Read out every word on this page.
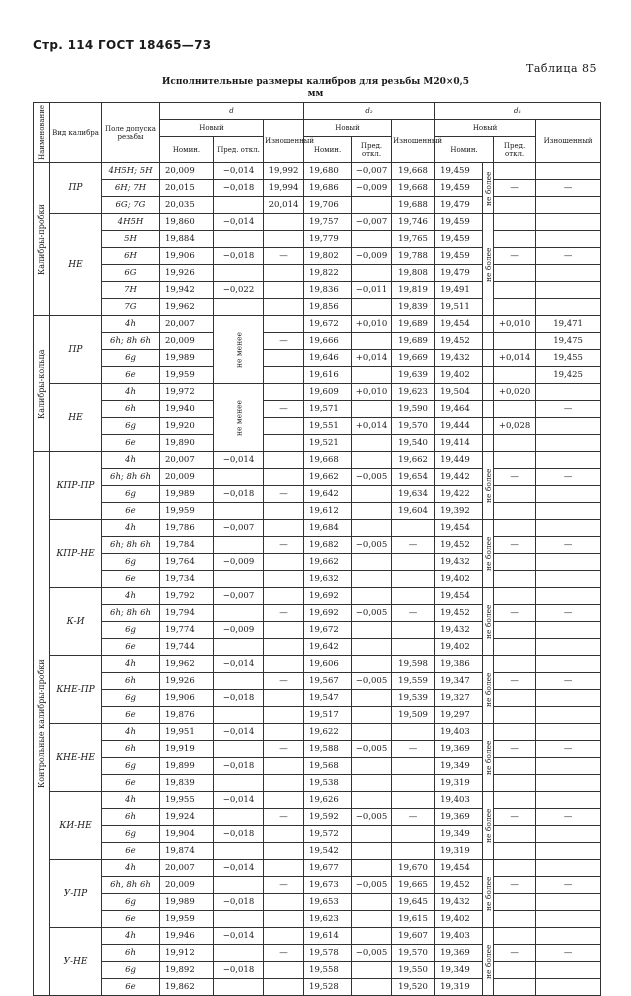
Стр. 114 ГОСТ 18465—73
Таблица 85
Исполнительные размеры калибров для резьбы М20×0,5
мм
Наименование	Вид калибра	Поле допуска резьбы	d			d₂			d₁			
			Новый		Изношенный	Новый		Изношенный	Новый			Изношенный
			Номин.	Пред. откл.		Номин.	Пред. откл.		Номин.		Пред. откл.	
Калибры-пробки	ПР	4H5H; 5H	20,009	−0,014	19,992	19,680	−0,007	19,668	19,459	не более		
		6H; 7H	20,015	−0,018	19,994	19,686	−0,009	19,668	19,459		—	—
		6G; 7G	20,035		20,014	19,706		19,688	19,479			
	НЕ	4H5H	19,860	−0,014		19,757	−0,007	19,746	19,459	не более		
		5H	19,884			19,779		19,765	19,459			
		6H	19,906	−0,018	—	19,802	−0,009	19,788	19,459		—	—
		6G	19,926			19,822		19,808	19,479			
		7H	19,942	−0,022		19,836	−0,011	19,819	19,491			
		7G	19,962			19,856		19,839	19,511			
Калибры-кольца	ПР	4h	20,007	не менее		19,672	+0,010	19,689	19,454		+0,010	19,471
		6h; 8h 6h	20,009		—	19,666		19,689	19,452			19,475
		6g	19,989			19,646	+0,014	19,669	19,432		+0,014	19,455
		6e	19,959			19,616		19,639	19,402			19,425
	НЕ	4h	19,972	не менее		19,609	+0,010	19,623	19,504		+0,020	
		6h	19,940		—	19,571		19,590	19,464			—
		6g	19,920			19,551	+0,014	19,570	19,444		+0,028	
		6e	19,890			19,521		19,540	19,414			
Контрольные калибры-пробки	КПР-ПР	4h	20,007	−0,014		19,668		19,662	19,449	не более		
		6h; 8h 6h	20,009			19,662	−0,005	19,654	19,442		—	—
		6g	19,989	−0,018	—	19,642		19,634	19,422			
		6e	19,959			19,612		19,604	19,392			
	КПР-НЕ	4h	19,786	−0,007		19,684			19,454	не более		
		6h; 8h 6h	19,784		—	19,682	−0,005	—	19,452		—	—
		6g	19,764	−0,009		19,662			19,432			
		6e	19,734			19,632			19,402			
	К-И	4h	19,792	−0,007		19,692			19,454	не более		
		6h; 8h 6h	19,794		—	19,692	−0,005	—	19,452		—	—
		6g	19,774	−0,009		19,672			19,432			
		6e	19,744			19,642			19,402			
	КНЕ-ПР	4h	19,962	−0,014		19,606		19,598	19,386	не более		
		6h	19,926		—	19,567	−0,005	19,559	19,347		—	—
		6g	19,906	−0,018		19,547		19,539	19,327			
		6e	19,876			19,517		19,509	19,297			
	КНЕ-НЕ	4h	19,951	−0,014		19,622			19,403	не более		
		6h	19,919		—	19,588	−0,005	—	19,369		—	—
		6g	19,899	−0,018		19,568			19,349			
		6e	19,839			19,538			19,319			
	КИ-НЕ	4h	19,955	−0,014		19,626			19,403	не более		
		6h	19,924		—	19,592	−0,005	—	19,369		—	—
		6g	19,904	−0,018		19,572			19,349			
		6e	19,874			19,542			19,319			
	У-ПР	4h	20,007	−0,014		19,677		19,670	19,454	не более		
		6h, 8h 6h	20,009		—	19,673	−0,005	19,665	19,452		—	—
		6g	19,989	−0,018		19,653		19,645	19,432			
		6e	19,959			19,623		19,615	19,402			
	У-НЕ	4h	19,946	−0,014		19,614		19,607	19,403	не более		
		6h	19,912		—	19,578	−0,005	19,570	19,369		—	—
		6g	19,892	−0,018		19,558		19,550	19,349			
		6e	19,862			19,528		19,520	19,319			
